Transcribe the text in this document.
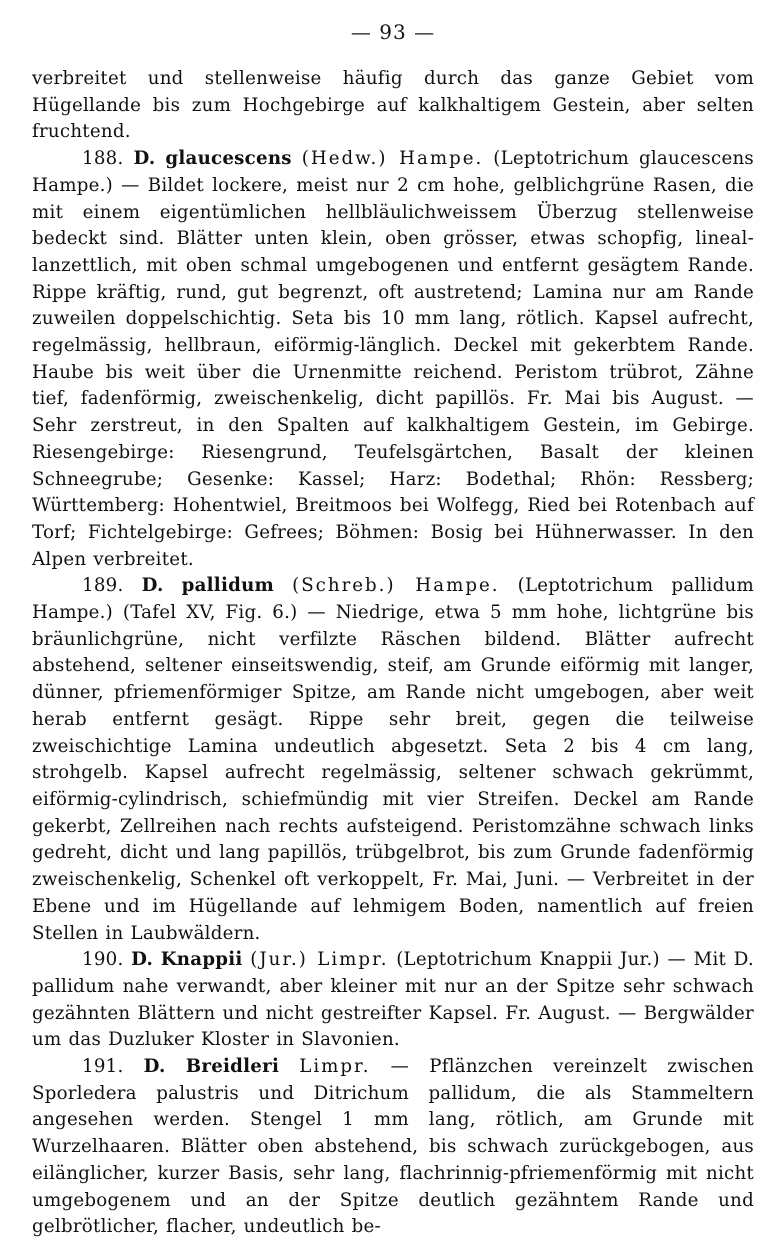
— 93 —

verbreitet und stellenweise häufig durch das ganze Gebiet vom Hügellande bis zum Hochgebirge auf kalkhaltigem Gestein, aber selten fruchtend.

188. D. glaucescens (Hedw.) Hampe. (Leptotrichum glaucescens Hampe.) — Bildet lockere, meist nur 2 cm hohe, gelblichgrüne Rasen, die mit einem eigentümlichen hellbläulichweissem Überzug stellenweise bedeckt sind. Blätter unten klein, oben grösser, etwas schopfig, lineal-lanzettlich, mit oben schmal umgebogenen und entfernt gesägtem Rande. Rippe kräftig, rund, gut begrenzt, oft austretend; Lamina nur am Rande zuweilen doppelschichtig. Seta bis 10 mm lang, rötlich. Kapsel aufrecht, regelmässig, hellbraun, eiförmig-länglich. Deckel mit gekerbtem Rande. Haube bis weit über die Urnenmitte reichend. Peristom trübrot, Zähne tief, fadenförmig, zweischenkelig, dicht papillös. Fr. Mai bis August. — Sehr zerstreut, in den Spalten auf kalkhaltigem Gestein, im Gebirge. Riesengebirge: Riesengrund, Teufelsgärtchen, Basalt der kleinen Schneegrube; Gesenke: Kassel; Harz: Bodethal; Rhön: Ressberg; Württemberg: Hohentwiel, Breitmoos bei Wolfegg, Ried bei Rotenbach auf Torf; Fichtelgebirge: Gefrees; Böhmen: Bosig bei Hühnerwasser. In den Alpen verbreitet.

189. D. pallidum (Schreb.) Hampe. (Leptotrichum pallidum Hampe.) (Tafel XV, Fig. 6.) — Niedrige, etwa 5 mm hohe, lichtgrüne bis bräunlichgrüne, nicht verfilzte Räschen bildend. Blätter aufrecht abstehend, seltener einseitswendig, steif, am Grunde eiförmig mit langer, dünner, pfriemenförmiger Spitze, am Rande nicht umgebogen, aber weit herab entfernt gesägt. Rippe sehr breit, gegen die teilweise zweischichtige Lamina undeutlich abgesetzt. Seta 2 bis 4 cm lang, strohgelb. Kapsel aufrecht regelmässig, seltener schwach gekrümmt, eiförmig-cylindrisch, schiefmündig mit vier Streifen. Deckel am Rande gekerbt, Zellreihen nach rechts aufsteigend. Peristomzähne schwach links gedreht, dicht und lang papillös, trübgelbrot, bis zum Grunde fadenförmig zweischenkelig, Schenkel oft verkoppelt, Fr. Mai, Juni. — Verbreitet in der Ebene und im Hügellande auf lehmigem Boden, namentlich auf freien Stellen in Laubwäldern.

190. D. Knappii (Jur.) Limpr. (Leptotrichum Knappii Jur.) — Mit D. pallidum nahe verwandt, aber kleiner mit nur an der Spitze sehr schwach gezähnten Blättern und nicht gestreifter Kapsel. Fr. August. — Bergwälder um das Duzluker Kloster in Slavonien.

191. D. Breidleri Limpr. — Pflänzchen vereinzelt zwischen Sporledera palustris und Ditrichum pallidum, die als Stammeltern angesehen werden. Stengel 1 mm lang, rötlich, am Grunde mit Wurzelhaaren. Blätter oben abstehend, bis schwach zurückgebogen, aus eilänglicher, kurzer Basis, sehr lang, flachrinnig-pfriemenförmig mit nicht umgebogenem und an der Spitze deutlich gezähntem Rande und gelbrötlicher, flacher, undeutlich be-
